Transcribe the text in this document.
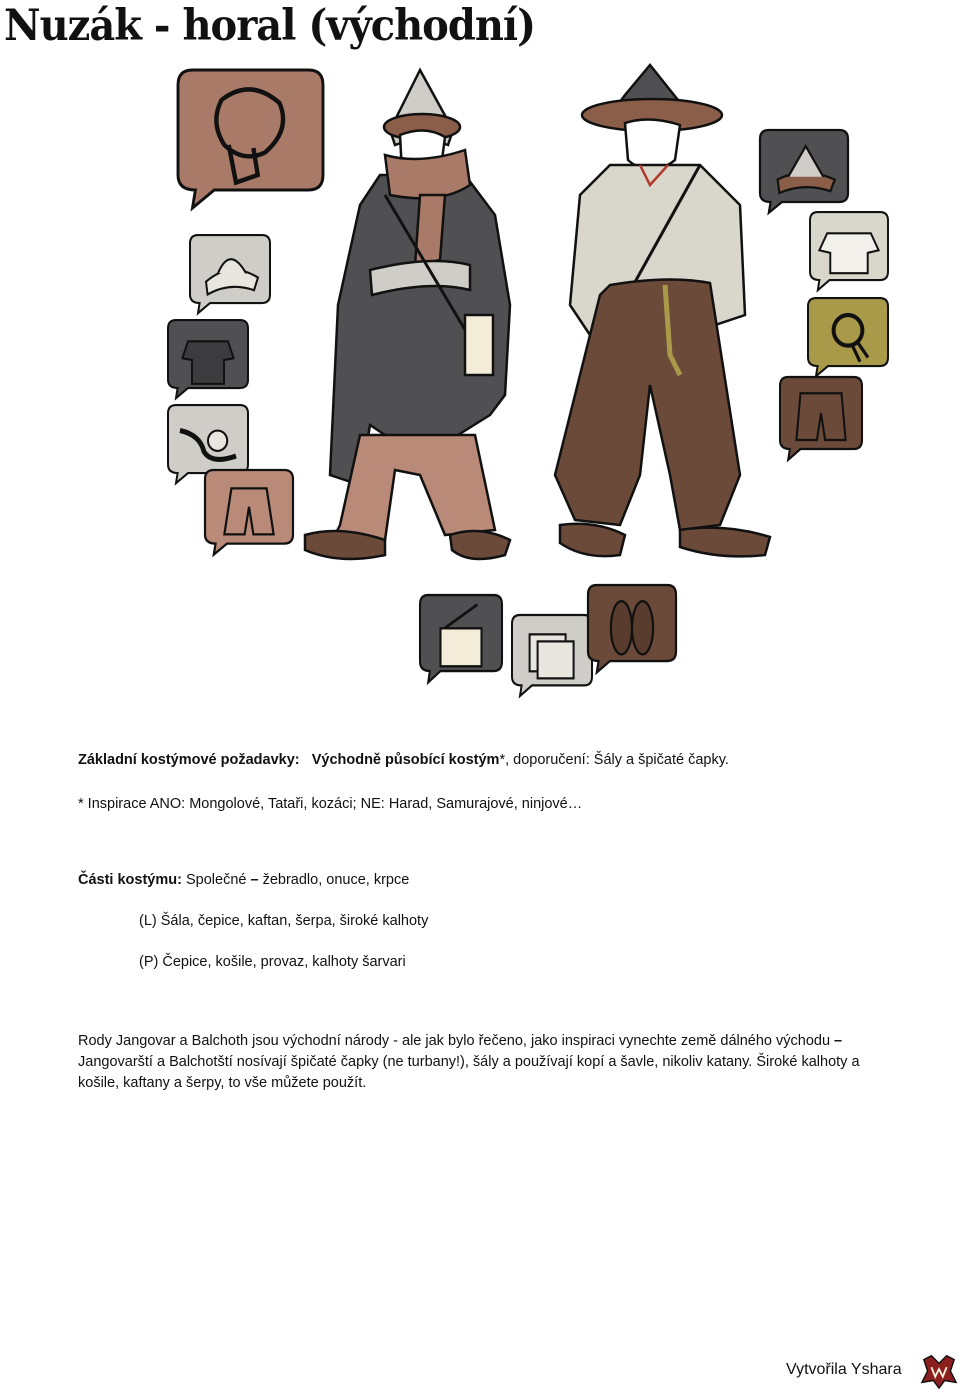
Nuzák - horal (východní)
Základní kostýmové požadavky: Východně působící kostým*, doporučení: Šály a špičaté čapky.
* Inspirace ANO: Mongolové, Tataři, kozáci; NE: Harad, Samurajové, ninjové…
Části kostýmu: Společné – žebradlo, onuce, krpce
(L) Šála, čepice, kaftan, šerpa, široké kalhoty
(P) Čepice, košile, provaz, kalhoty šarvari
Rody Jangovar a Balchoth jsou východní národy - ale jak bylo řečeno, jako inspiraci vynechte země dálného východu – Jangovarští a Balchotští nosívají špičaté čapky (ne turbany!), šály a používají kopí a šavle, nikoliv katany. Široké kalhoty a košile, kaftany a šerpy, to vše můžete použít.
Vytvořila Yshara
